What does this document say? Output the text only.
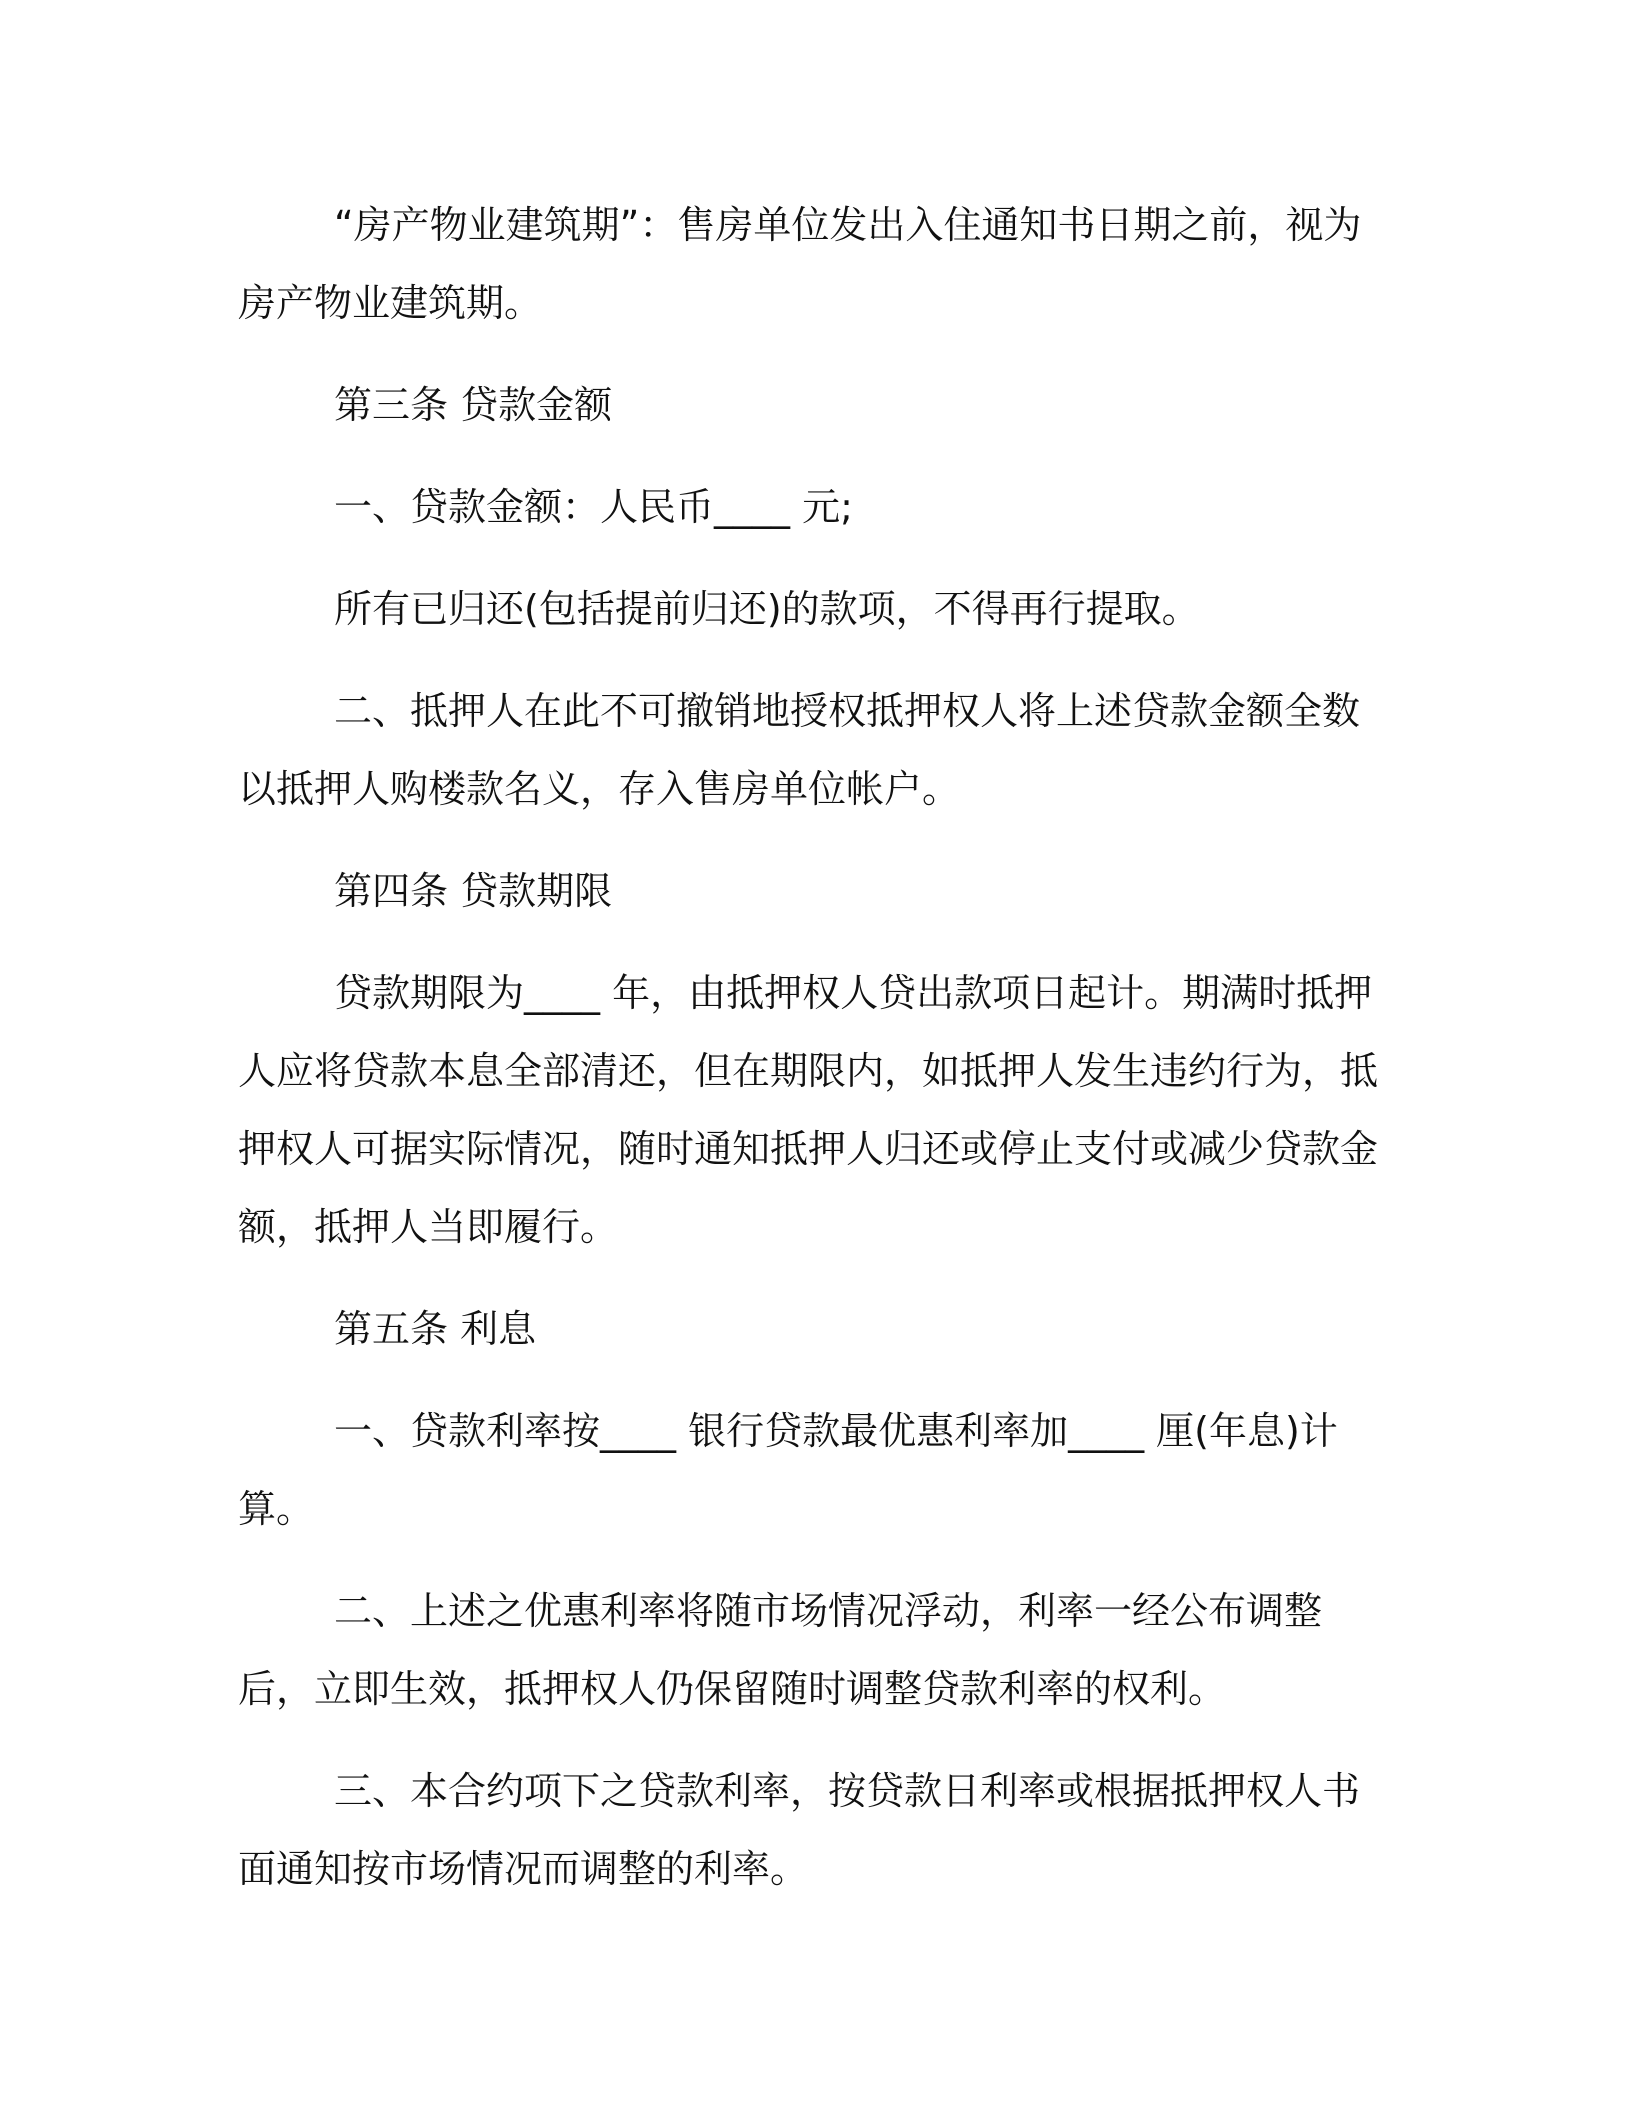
“房产物业建筑期”：售房单位发出入住通知书日期之前，视为房产物业建筑期。

第三条 贷款金额

一、贷款金额：人民币____ 元;

所有已归还(包括提前归还)的款项，不得再行提取。

二、抵押人在此不可撤销地授权抵押权人将上述贷款金额全数以抵押人购楼款名义，存入售房单位帐户。

第四条 贷款期限

贷款期限为____ 年，由抵押权人贷出款项日起计。期满时抵押人应将贷款本息全部清还，但在期限内，如抵押人发生违约行为，抵押权人可据实际情况，随时通知抵押人归还或停止支付或减少贷款金额，抵押人当即履行。

第五条 利息

一、贷款利率按____ 银行贷款最优惠利率加____ 厘(年息)计算。

二、上述之优惠利率将随市场情况浮动，利率一经公布调整后，立即生效，抵押权人仍保留随时调整贷款利率的权利。

三、本合约项下之贷款利率，按贷款日利率或根据抵押权人书面通知按市场情况而调整的利率。
